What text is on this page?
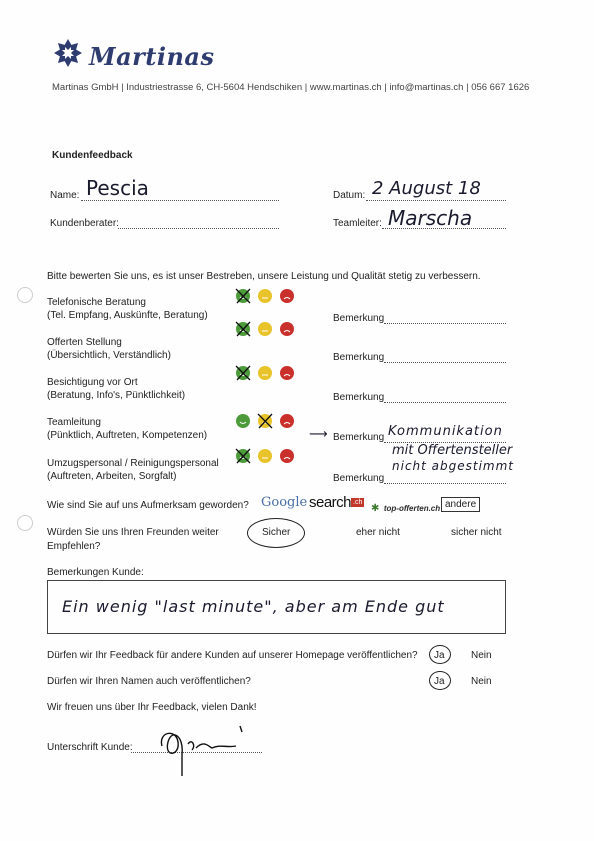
Martinas
Martinas GmbH | Industriestrasse 6, CH-5604 Hendschiken | www.martinas.ch | info@martinas.ch | 056 667 1626
Kundenfeedback
Name: Pescia	Datum: 2 August 18
Kundenberater:	Teamleiter: Marscha
Bitte bewerten Sie uns, es ist unser Bestreben, unsere Leistung und Qualität stetig zu verbessern.
Telefonische Beratung
(Tel. Empfang, Auskünfte, Beratung)	Bemerkung
Offerten Stellung
(Übersichtlich, Verständlich)	Bemerkung
Besichtigung vor Ort
(Beratung, Info's, Pünktlichkeit)	Bemerkung
Teamleitung
(Pünktlich, Auftreten, Kompetenzen)	⟶ Bemerkung Kommunikation
mit Offertensteller
nicht abgestimmt
Umzugspersonal / Reinigungspersonal
(Auftreten, Arbeiten, Sorgfalt)	Bemerkung
Wie sind Sie auf uns Aufmerksam geworden? Google search .ch
✱ top-offerten.ch andere
Würden Sie uns Ihren Freunden weiter
Empfehlen?
Sicher	eher nicht	sicher nicht
Bemerkungen Kunde:
Ein wenig "last minute", aber am Ende gut
Dürfen wir Ihr Feedback für andere Kunden auf unserer Homepage veröffentlichen? Ja	Nein
Dürfen wir Ihren Namen auch veröffentlichen?	Ja	Nein
Wir freuen uns über Ihr Feedback, vielen Dank!
Unterschrift Kunde:
